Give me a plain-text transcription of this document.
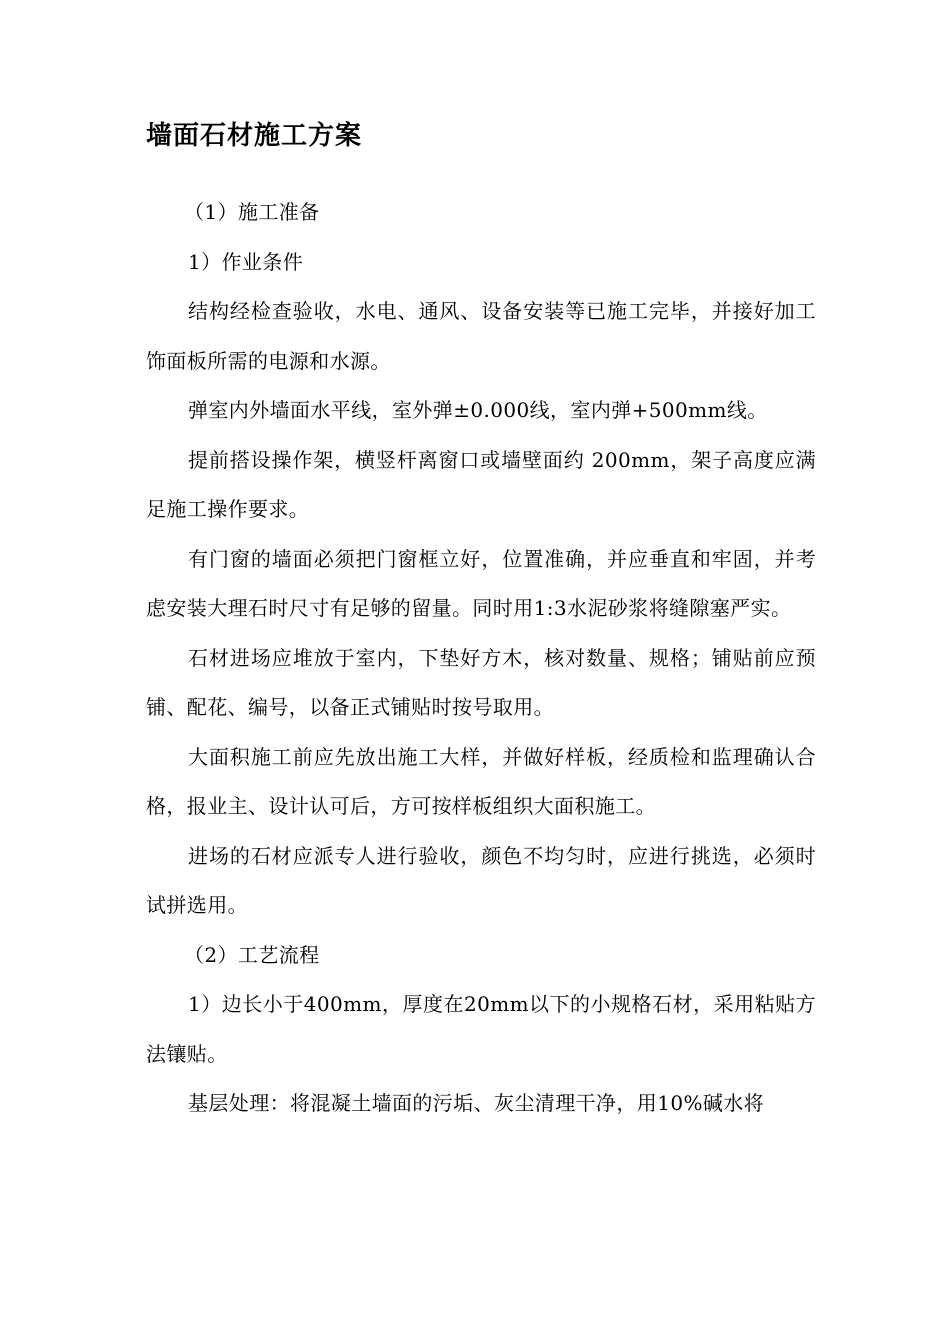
墙面石材施工方案

（1）施工准备

1）作业条件

结构经检查验收，水电、通风、设备安装等已施工完毕，并接好加工饰面板所需的电源和水源。

弹室内外墙面水平线，室外弹±0.000线，室内弹+500mm线。

提前搭设操作架，横竖杆离窗口或墙壁面约 200mm，架子高度应满足施工操作要求。

有门窗的墙面必须把门窗框立好，位置准确，并应垂直和牢固，并考虑安装大理石时尺寸有足够的留量。同时用1:3水泥砂浆将缝隙塞严实。

石材进场应堆放于室内，下垫好方木，核对数量、规格；铺贴前应预铺、配花、编号，以备正式铺贴时按号取用。

大面积施工前应先放出施工大样，并做好样板，经质检和监理确认合格，报业主、设计认可后，方可按样板组织大面积施工。

进场的石材应派专人进行验收，颜色不均匀时，应进行挑选，必须时试拼选用。

（2）工艺流程

1）边长小于400mm，厚度在20mm以下的小规格石材，采用粘贴方法镶贴。

基层处理：将混凝土墙面的污垢、灰尘清理干净，用10%碱水将
